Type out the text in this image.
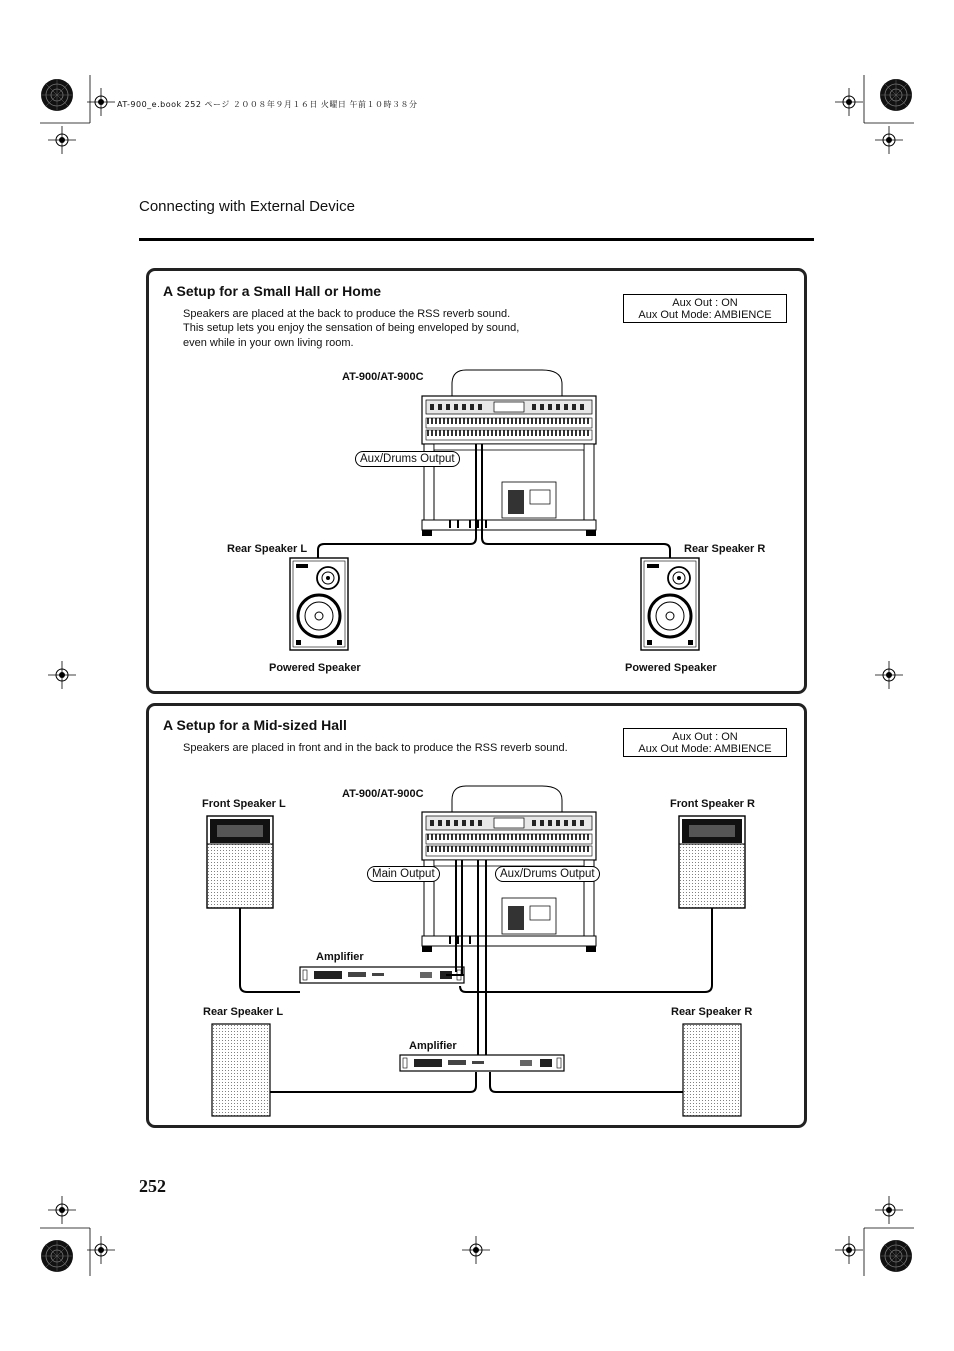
AT-900_e.book 252 ページ ２００８年９月１６日 火曜日 午前１０時３８分
Connecting with External Device
A Setup for a Small Hall or Home
Speakers are placed at the back to produce the RSS reverb sound.
This setup lets you enjoy the sensation of being enveloped by sound,
even while in your own living room.
Aux Out : ON
Aux Out Mode: AMBIENCE
AT-900/AT-900C
Aux/Drums Output
Rear Speaker L	Rear Speaker R
Powered Speaker	Powered Speaker
A Setup for a Mid-sized Hall
Speakers are placed in front and in the back to produce the RSS reverb sound.
Aux Out : ON
Aux Out Mode: AMBIENCE
AT-900/AT-900C
Front Speaker L	Front Speaker R
Main Output	Aux/Drums Output
Amplifier
Rear Speaker L	Rear Speaker R
Amplifier
252
